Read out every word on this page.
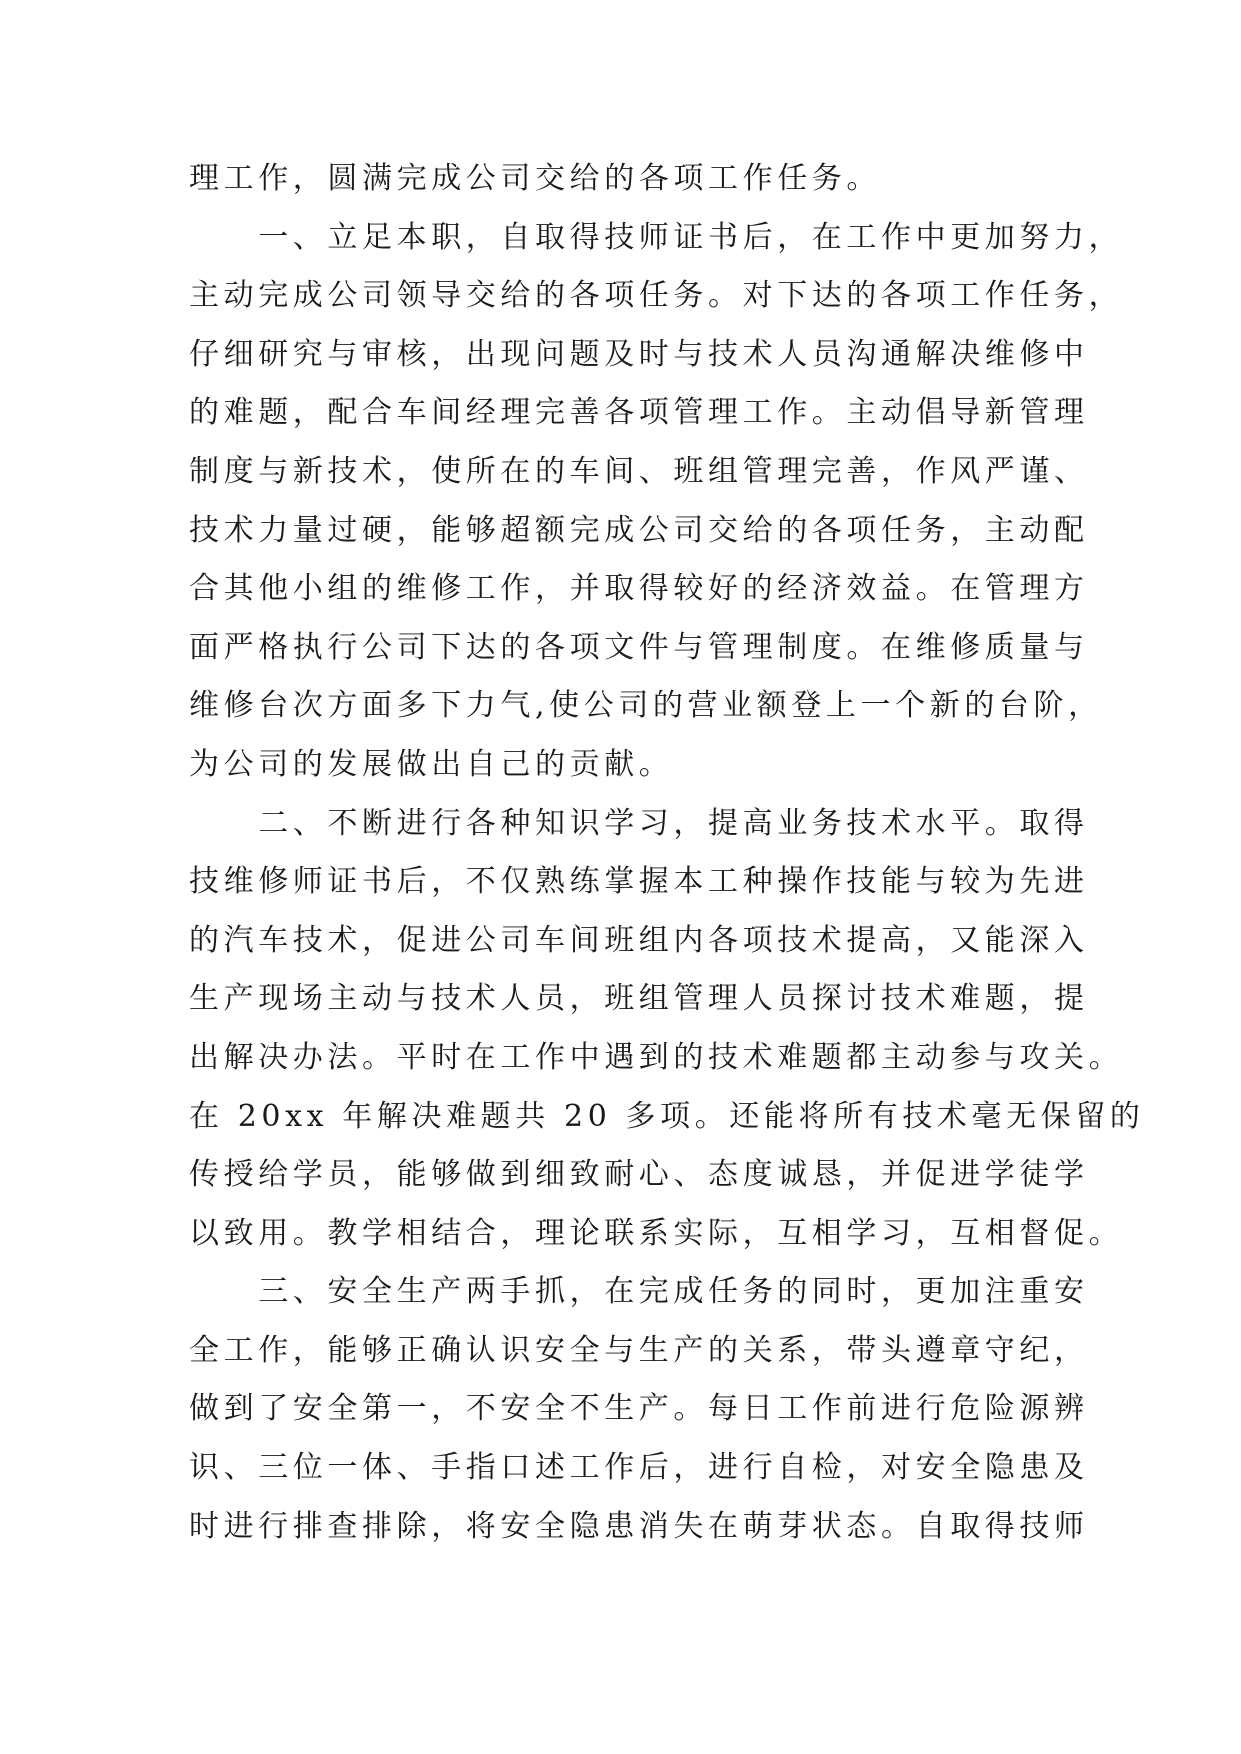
理工作，圆满完成公司交给的各项工作任务。
　　一、立足本职，自取得技师证书后，在工作中更加努力，
主动完成公司领导交给的各项任务。对下达的各项工作任务，
仔细研究与审核，出现问题及时与技术人员沟通解决维修中
的难题，配合车间经理完善各项管理工作。主动倡导新管理
制度与新技术，使所在的车间、班组管理完善，作风严谨、
技术力量过硬，能够超额完成公司交给的各项任务，主动配
合其他小组的维修工作，并取得较好的经济效益。在管理方
面严格执行公司下达的各项文件与管理制度。在维修质量与
维修台次方面多下力气,使公司的营业额登上一个新的台阶，
为公司的发展做出自己的贡献。
　　二、不断进行各种知识学习，提高业务技术水平。取得
技维修师证书后，不仅熟练掌握本工种操作技能与较为先进
的汽车技术，促进公司车间班组内各项技术提高，又能深入
生产现场主动与技术人员，班组管理人员探讨技术难题，提
出解决办法。平时在工作中遇到的技术难题都主动参与攻关。
在 20xx 年解决难题共 20 多项。还能将所有技术毫无保留的
传授给学员，能够做到细致耐心、态度诚恳，并促进学徒学
以致用。教学相结合，理论联系实际，互相学习，互相督促。
　　三、安全生产两手抓，在完成任务的同时，更加注重安
全工作，能够正确认识安全与生产的关系，带头遵章守纪，
做到了安全第一，不安全不生产。每日工作前进行危险源辨
识、三位一体、手指口述工作后，进行自检，对安全隐患及
时进行排查排除，将安全隐患消失在萌芽状态。自取得技师
